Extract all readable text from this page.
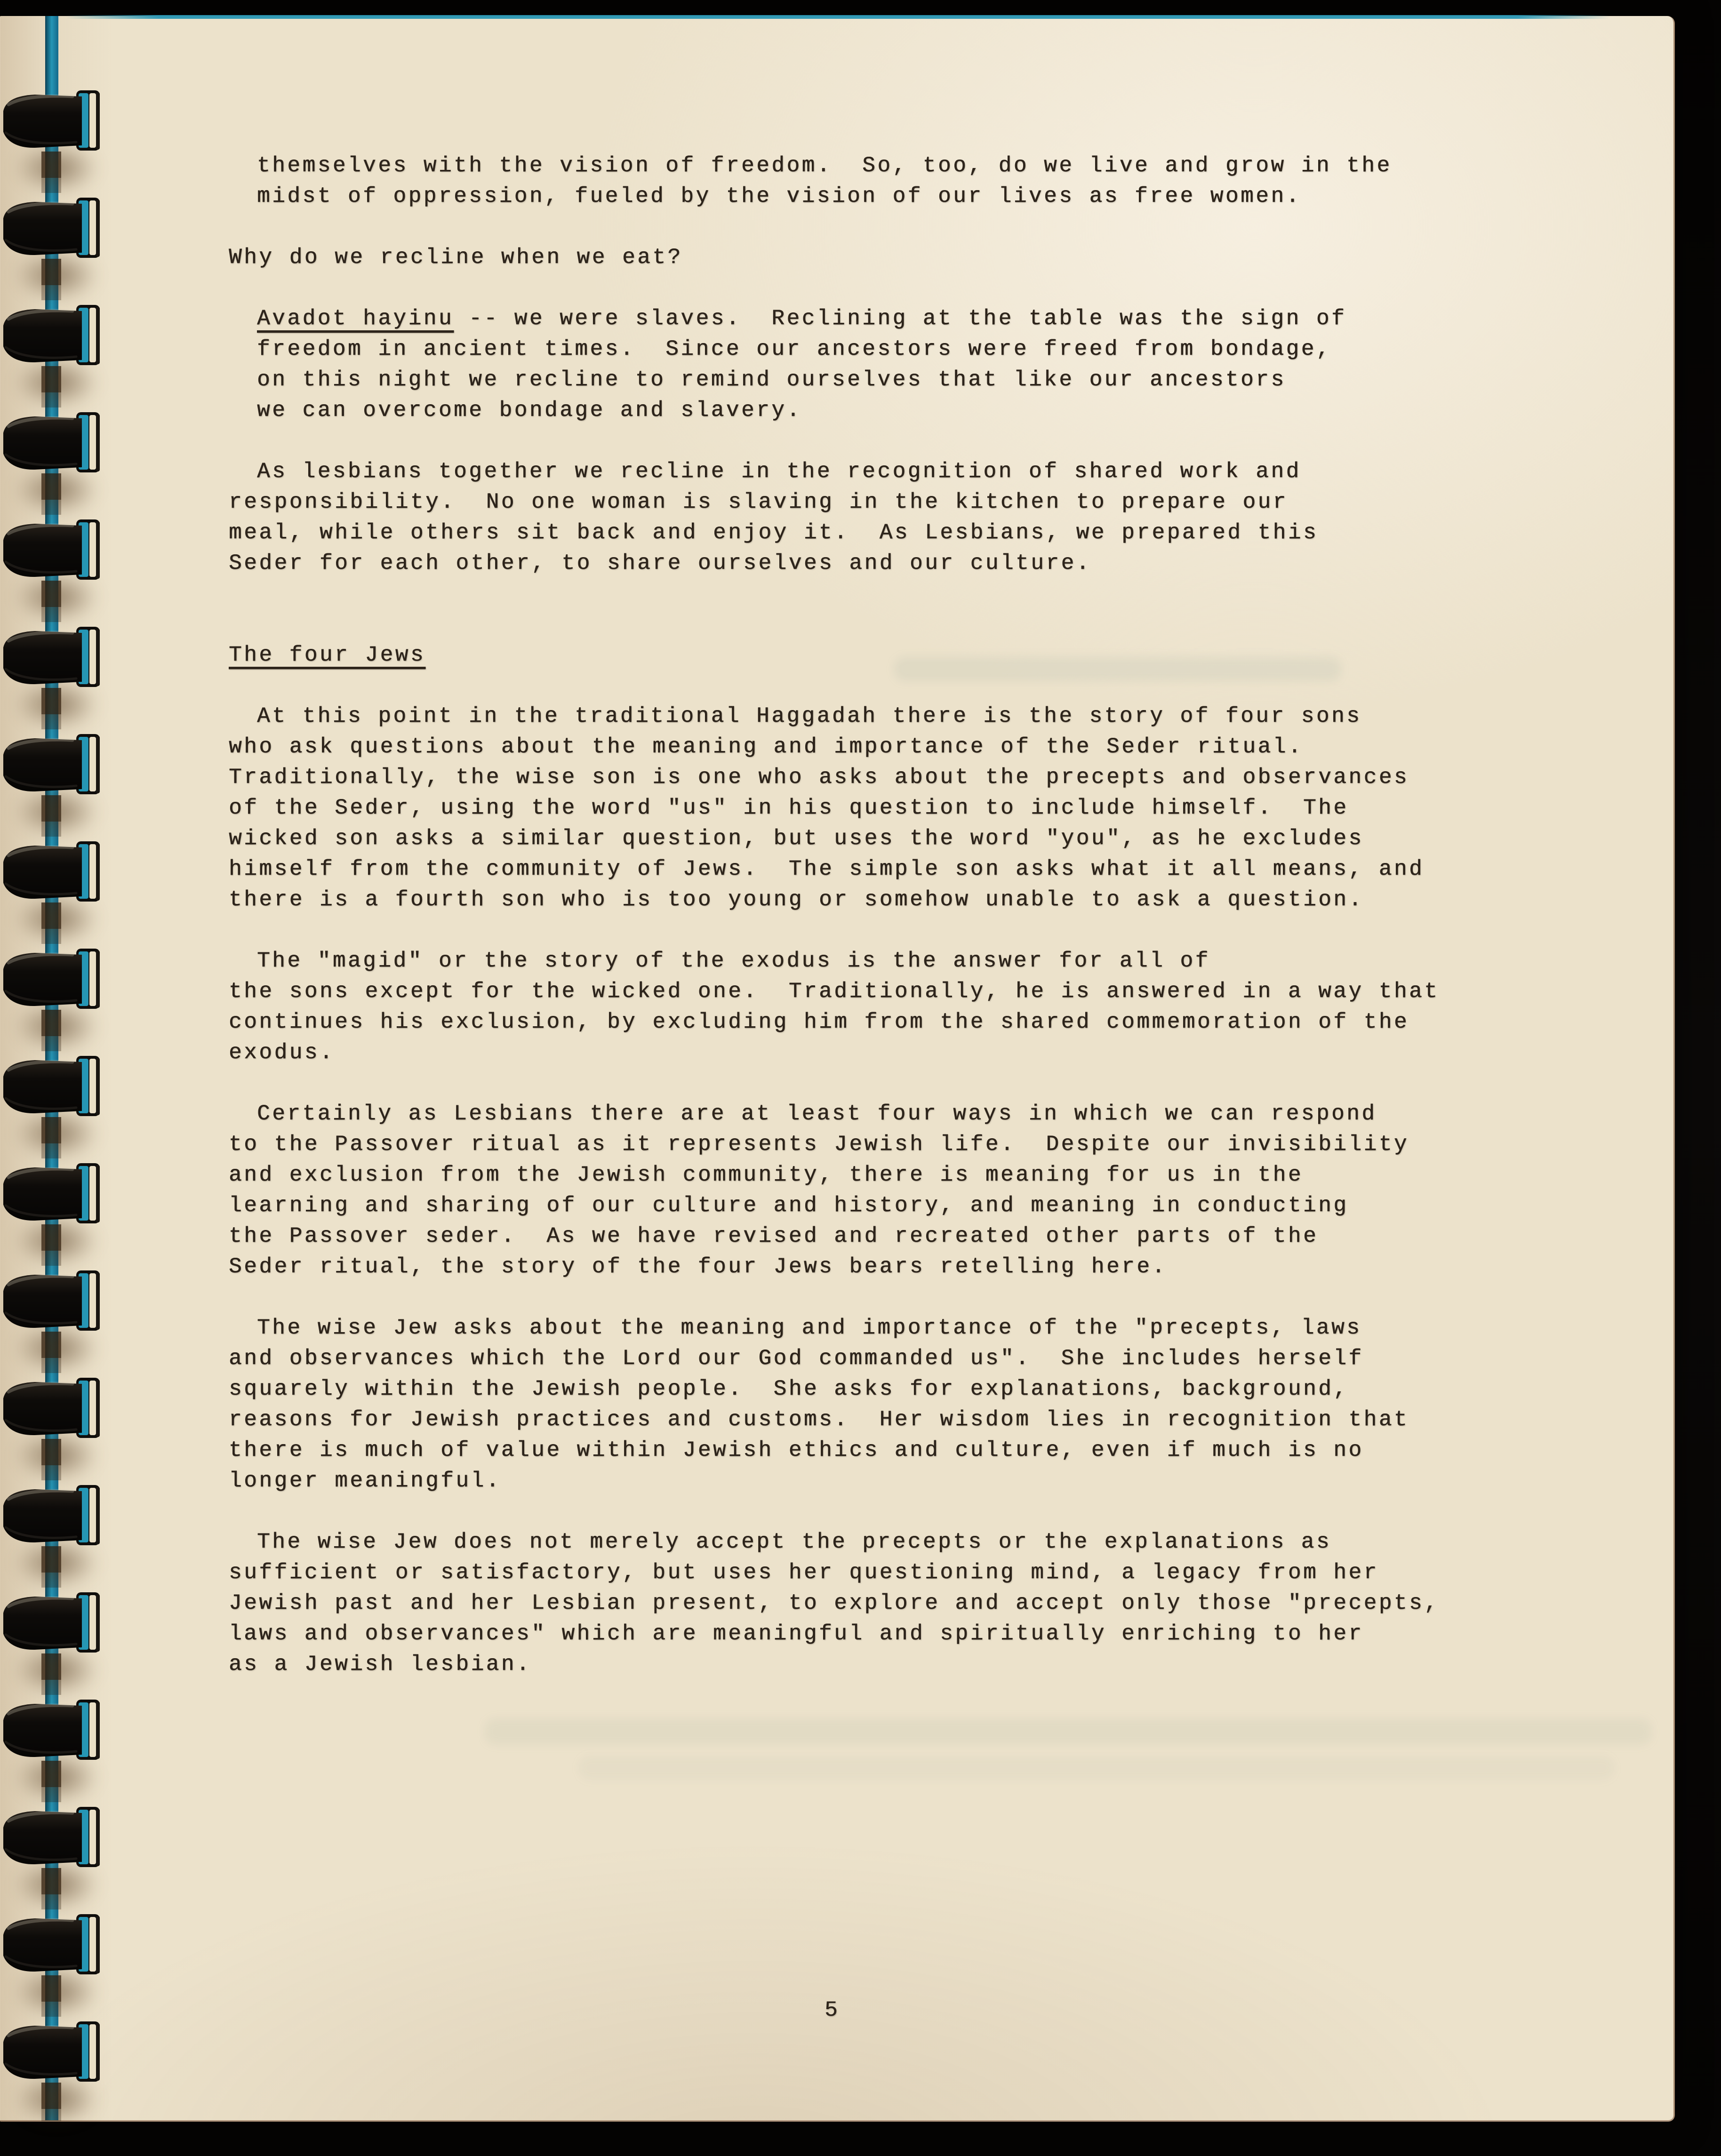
themselves with the vision of freedom.  So, too, do we live and grow in the
midst of oppression, fueled by the vision of our lives as free women.

Why do we recline when we eat?

Avadot hayinu -- we were slaves.  Reclining at the table was the sign of
freedom in ancient times.  Since our ancestors were freed from bondage,
on this night we recline to remind ourselves that like our ancestors
we can overcome bondage and slavery.

As lesbians together we recline in the recognition of shared work and
responsibility.  No one woman is slaving in the kitchen to prepare our
meal, while others sit back and enjoy it.  As Lesbians, we prepared this
Seder for each other, to share ourselves and our culture.

The four Jews

At this point in the traditional Haggadah there is the story of four sons
who ask questions about the meaning and importance of the Seder ritual.
Traditionally, the wise son is one who asks about the precepts and observances
of the Seder, using the word "us" in his question to include himself.  The
wicked son asks a similar question, but uses the word "you", as he excludes
himself from the community of Jews.  The simple son asks what it all means, and
there is a fourth son who is too young or somehow unable to ask a question.

The "magid" or the story of the exodus is the answer for all of
the sons except for the wicked one.  Traditionally, he is answered in a way that
continues his exclusion, by excluding him from the shared commemoration of the
exodus.

Certainly as Lesbians there are at least four ways in which we can respond
to the Passover ritual as it represents Jewish life.  Despite our invisibility
and exclusion from the Jewish community, there is meaning for us in the
learning and sharing of our culture and history, and meaning in conducting
the Passover seder.  As we have revised and recreated other parts of the
Seder ritual, the story of the four Jews bears retelling here.

The wise Jew asks about the meaning and importance of the "precepts, laws
and observances which the Lord our God commanded us".  She includes herself
squarely within the Jewish people.  She asks for explanations, background,
reasons for Jewish practices and customs.  Her wisdom lies in recognition that
there is much of value within Jewish ethics and culture, even if much is no
longer meaningful.

The wise Jew does not merely accept the precepts or the explanations as
sufficient or satisfactory, but uses her questioning mind, a legacy from her
Jewish past and her Lesbian present, to explore and accept only those "precepts,
laws and observances" which are meaningful and spiritually enriching to her
as a Jewish lesbian.
5
